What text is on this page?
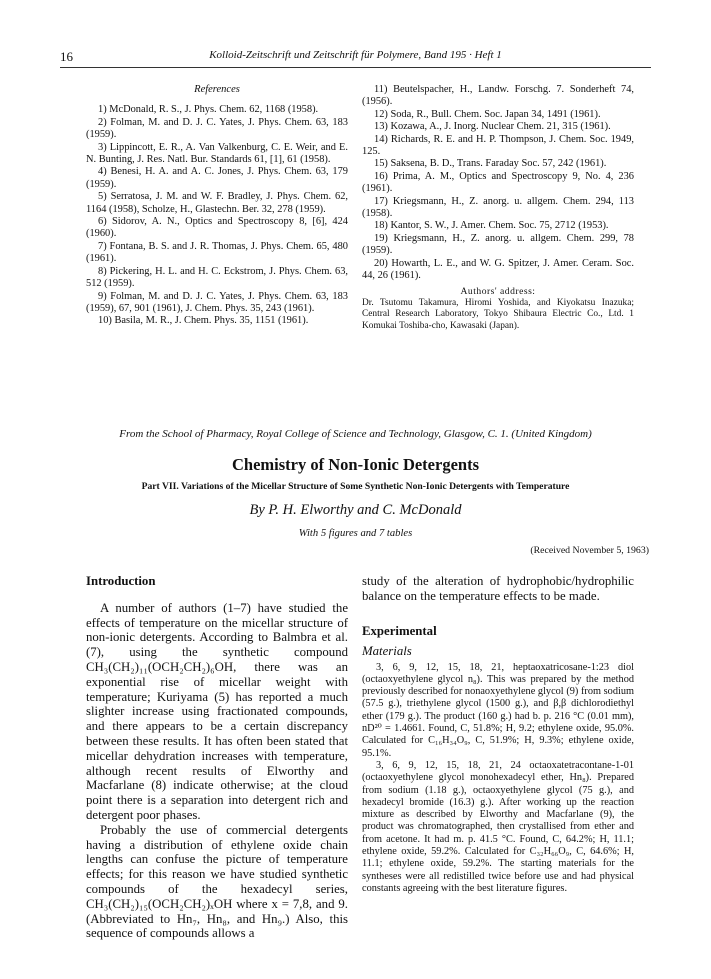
16	Kolloid-Zeitschrift und Zeitschrift für Polymere, Band 195 · Heft 1
References

1) McDonald, R. S., J. Phys. Chem. 62, 1168 (1958).

2) Folman, M. and D. J. C. Yates, J. Phys. Chem. 63, 183 (1959).

3) Lippincott, E. R., A. Van Valkenburg, C. E. Weir, and E. N. Bunting, J. Res. Natl. Bur. Standards 61, [1], 61 (1958).

4) Benesi, H. A. and A. C. Jones, J. Phys. Chem. 63, 179 (1959).

5) Serratosa, J. M. and W. F. Bradley, J. Phys. Chem. 62, 1164 (1958), Scholze, H., Glastechn. Ber. 32, 278 (1959).

6) Sidorov, A. N., Optics and Spectroscopy 8, [6], 424 (1960).

7) Fontana, B. S. and J. R. Thomas, J. Phys. Chem. 65, 480 (1961).

8) Pickering, H. L. and H. C. Eckstrom, J. Phys. Chem. 63, 512 (1959).

9) Folman, M. and D. J. C. Yates, J. Phys. Chem. 63, 183 (1959), 67, 901 (1961), J. Chem. Phys. 35, 243 (1961).

10) Basila, M. R., J. Chem. Phys. 35, 1151 (1961).

11) Beutelspacher, H., Landw. Forschg. 7. Sonderheft 74, (1956).

12) Soda, R., Bull. Chem. Soc. Japan 34, 1491 (1961).

13) Kozawa, A., J. Inorg. Nuclear Chem. 21, 315 (1961).

14) Richards, R. E. and H. P. Thompson, J. Chem. Soc. 1949, 125.

15) Saksena, B. D., Trans. Faraday Soc. 57, 242 (1961).

16) Prima, A. M., Optics and Spectroscopy 9, No. 4, 236 (1961).

17) Kriegsmann, H., Z. anorg. u. allgem. Chem. 294, 113 (1958).

18) Kantor, S. W., J. Amer. Chem. Soc. 75, 2712 (1953).

19) Kriegsmann, H., Z. anorg. u. allgem. Chem. 299, 78 (1959).

20) Howarth, L. E., and W. G. Spitzer, J. Amer. Ceram. Soc. 44, 26 (1961).

Authors' address:
Dr. Tsutomu Takamura, Hiromi Yoshida, and Kiyokatsu Inazuka; Central Research Laboratory, Tokyo Shibaura Electric Co., Ltd. 1 Komukai Toshiba-cho, Kawasaki (Japan).
From the School of Pharmacy, Royal College of Science and Technology, Glasgow, C. 1. (United Kingdom)
Chemistry of Non-Ionic Detergents
Part VII. Variations of the Micellar Structure of Some Synthetic Non-Ionic Detergents with Temperature
By P. H. Elworthy and C. McDonald
With 5 figures and 7 tables
(Received November 5, 1963)
Introduction

A number of authors (1–7) have studied the effects of temperature on the micellar structure of non-ionic detergents. According to Balmbra et al. (7), using the synthetic compound CH₃(CH₂)₁₁(OCH₂CH₂)₆OH, there was an exponential rise of micellar weight with temperature; Kuriyama (5) has reported a much slighter increase using fractionated compounds, and there appears to be a certain discrepancy between these results. It has often been stated that micellar dehydration increases with temperature, although recent results of Elworthy and Macfarlane (8) indicate otherwise; at the cloud point there is a separation into detergent rich and detergent poor phases.

Probably the use of commercial detergents having a distribution of ethylene oxide chain lengths can confuse the picture of temperature effects; for this reason we have studied synthetic compounds of the hexadecyl series, CH₃(CH₂)₁₅(OCH₂CH₂)ₓOH where x = 7,8, and 9. (Abbreviated to Hn₇, Hn₈, and Hn₉.) Also, this sequence of compounds allows a

study of the alteration of hydrophobic/hydrophilic balance on the temperature effects to be made.

Experimental
Materials

3, 6, 9, 12, 15, 18, 21, heptaoxatricosane-1:23 diol (octaoxyethylene glycol n₈). This was prepared by the method previously described for nonaoxyethylene glycol (9) from sodium (57.5 g.), triethylene glycol (1500 g.), and β,β dichlorodiethyl ether (179 g.). The product (160 g.) had b. p. 216 °C (0.01 mm), nD²⁰ = 1.4661. Found, C, 51.8%; H, 9.2; ethylene oxide, 95.0%. Calculated for C₁₆H₃₄O₉, C, 51.9%; H, 9.3%; ethylene oxide, 95.1%.

3, 6, 9, 12, 15, 18, 21, 24 octaoxatetracontane-1-01 (octaoxyethylene glycol monohexadecyl ether, Hn₈). Prepared from sodium (1.18 g.), octaoxyethylene glycol (75 g.), and hexadecyl bromide (16.3) g.). After working up the reaction mixture as described by Elworthy and Macfarlane (9), the product was chromatographed, then crystallised from ether and from acetone. It had m. p. 41.5 °C. Found, C, 64.2%; H, 11.1; ethylene oxide, 59.2%. Calculated for C₃₂H₆₆O₉, C, 64.6%; H, 11.1; ethylene oxide, 59.2%. The starting materials for the syntheses were all redistilled twice before use and had physical constants agreeing with the best literature figures.
